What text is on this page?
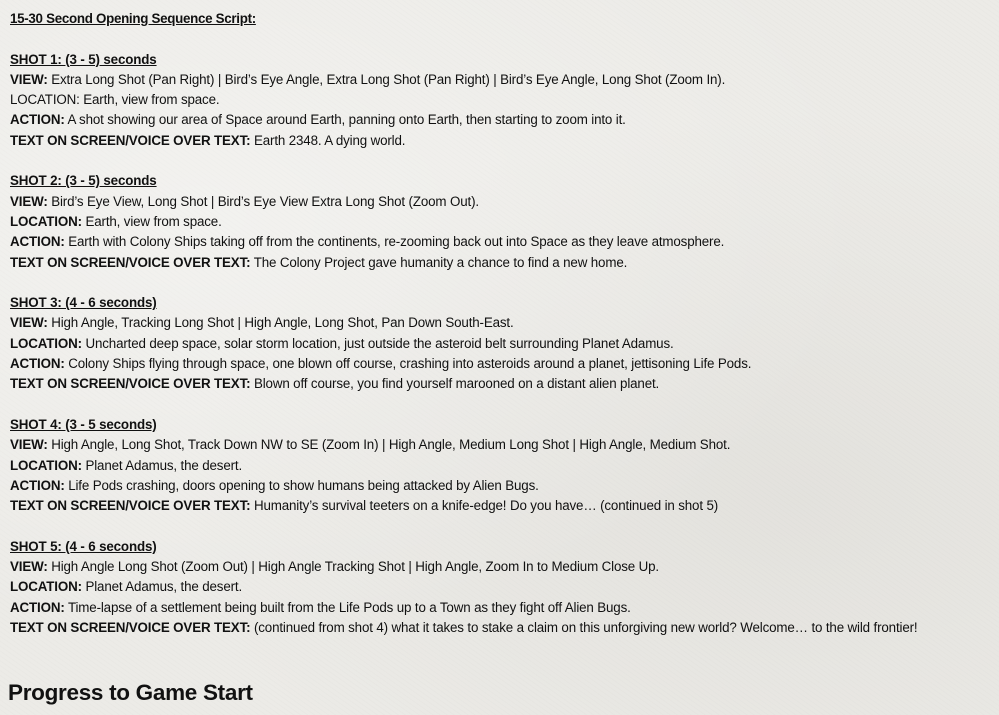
15-30 Second Opening Sequence Script:
SHOT 1: (3 - 5) seconds
VIEW: Extra Long Shot (Pan Right) | Bird’s Eye Angle, Extra Long Shot (Pan Right) | Bird’s Eye Angle, Long Shot (Zoom In).
LOCATION: Earth, view from space.
ACTION: A shot showing our area of Space around Earth, panning onto Earth, then starting to zoom into it.
TEXT ON SCREEN/VOICE OVER TEXT: Earth 2348. A dying world.
SHOT 2: (3 - 5) seconds
VIEW: Bird’s Eye View, Long Shot | Bird’s Eye View Extra Long Shot (Zoom Out).
LOCATION: Earth, view from space.
ACTION: Earth with Colony Ships taking off from the continents, re-zooming back out into Space as they leave atmosphere.
TEXT ON SCREEN/VOICE OVER TEXT: The Colony Project gave humanity a chance to find a new home.
SHOT 3: (4 - 6 seconds)
VIEW: High Angle, Tracking Long Shot | High Angle, Long Shot, Pan Down South-East.
LOCATION: Uncharted deep space, solar storm location, just outside the asteroid belt surrounding Planet Adamus.
ACTION: Colony Ships flying through space, one blown off course, crashing into asteroids around a planet, jettisoning Life Pods.
TEXT ON SCREEN/VOICE OVER TEXT: Blown off course, you find yourself marooned on a distant alien planet.
SHOT 4: (3 - 5 seconds)
VIEW: High Angle, Long Shot, Track Down NW to SE (Zoom In) | High Angle, Medium Long Shot | High Angle, Medium Shot.
LOCATION: Planet Adamus, the desert.
ACTION: Life Pods crashing, doors opening to show humans being attacked by Alien Bugs.
TEXT ON SCREEN/VOICE OVER TEXT: Humanity’s survival teeters on a knife-edge! Do you have… (continued in shot 5)
SHOT 5: (4 - 6 seconds)
VIEW: High Angle Long Shot (Zoom Out) | High Angle Tracking Shot | High Angle, Zoom In to Medium Close Up.
LOCATION: Planet Adamus, the desert.
ACTION: Time-lapse of a settlement being built from the Life Pods up to a Town as they fight off Alien Bugs.
TEXT ON SCREEN/VOICE OVER TEXT: (continued from shot 4) what it takes to stake a claim on this unforgiving new world? Welcome… to the wild frontier!
Progress to Game Start
